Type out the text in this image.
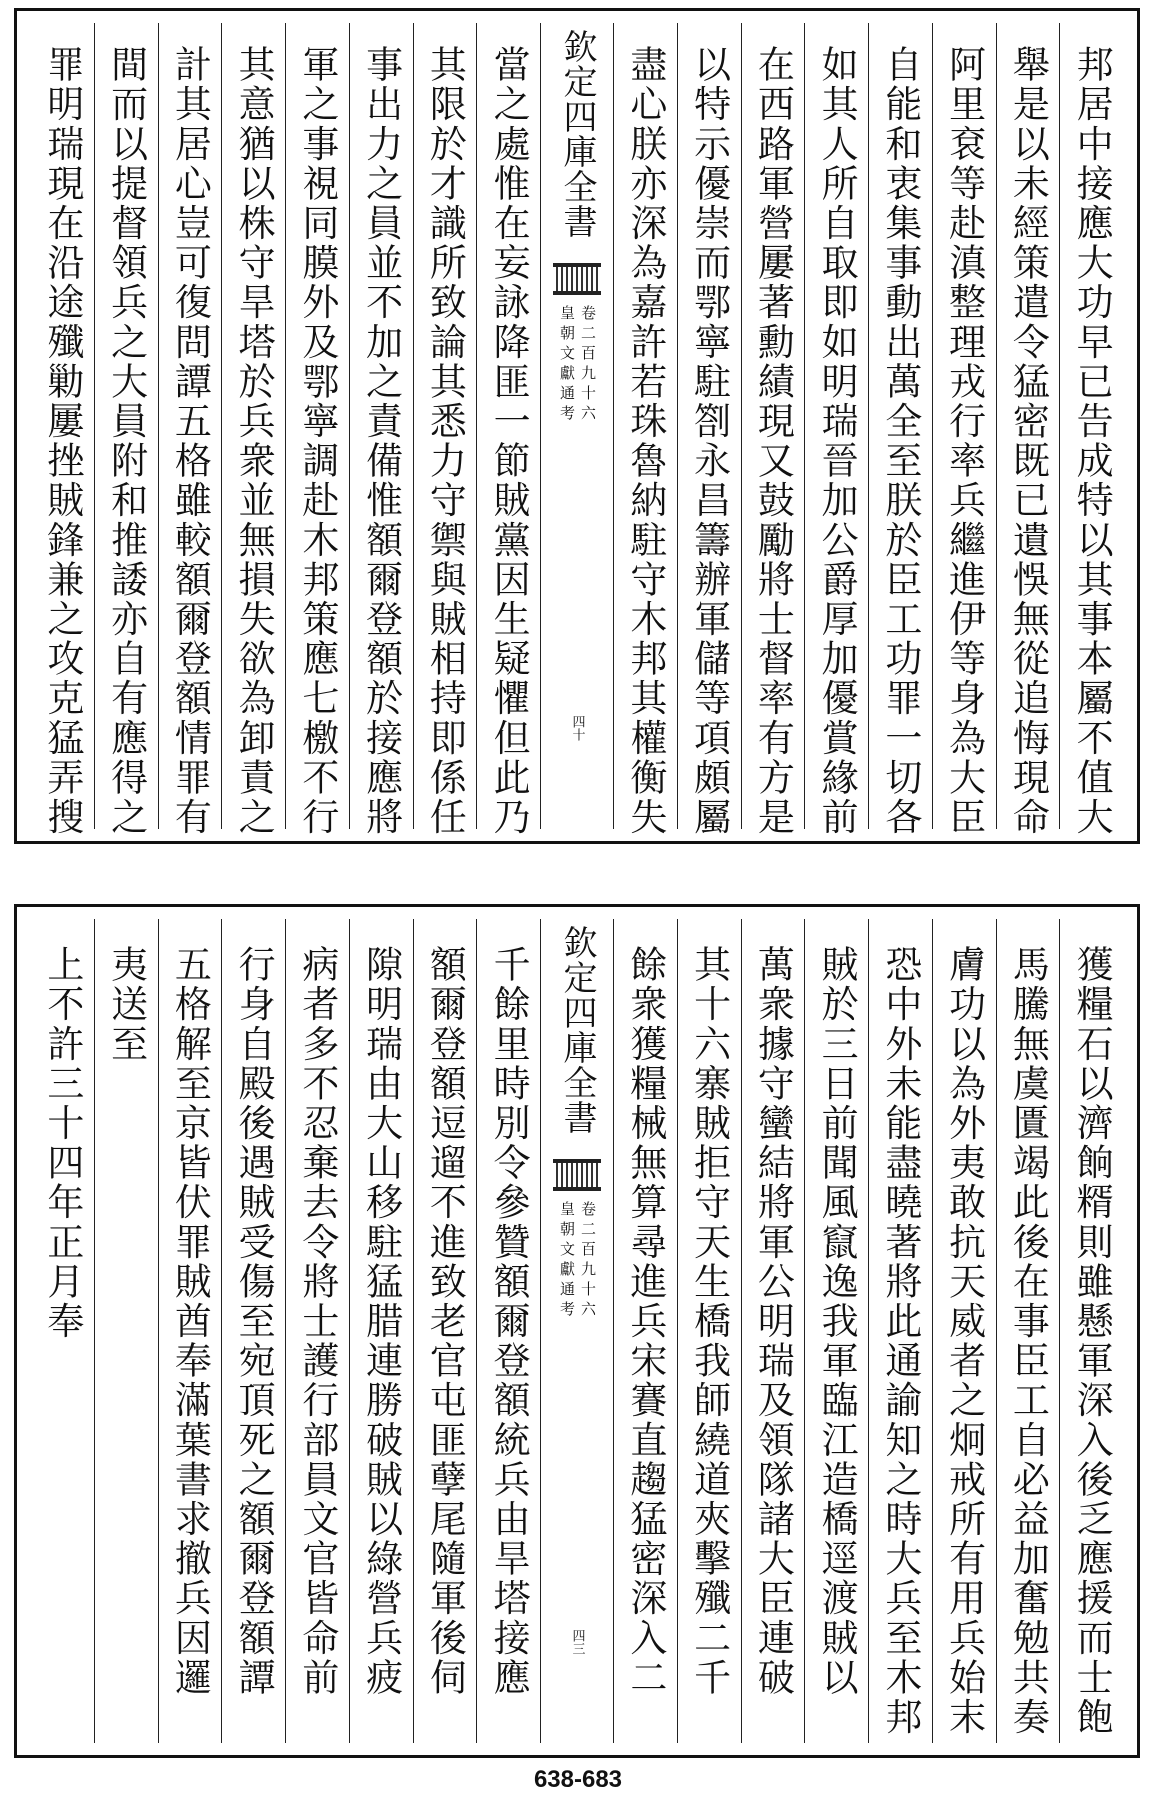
邦居中接應大功早已告成特以其事本屬不值大
舉是以未經策遣令猛密既已遺悞無從追悔現命
阿里袞等赴滇整理戎行率兵繼進伊等身為大臣
自能和衷集事動出萬全至朕於臣工功罪一切各
如其人所自取即如明瑞晉加公爵厚加優賞緣前
在西路軍營屢著勳績現又鼓勵將士督率有方是
以特示優崇而鄂寧駐劄永昌籌辦軍儲等項頗屬
盡心朕亦深為嘉許若珠魯納駐守木邦其權衡失
欽定四庫全書
皇朝文獻通考 卷二百九十六
四十
當之處惟在妄詠降匪一節賊黨因生疑懼但此乃
其限於才識所致論其悉力守禦與賊相持即係任
事出力之員並不加之責備惟額爾登額於接應將
軍之事視同膜外及鄂寧調赴木邦策應七檄不行
其意猶以株守旱塔於兵衆並無損失欲為卸責之
計其居心豈可復問譚五格雖較額爾登額情罪有
間而以提督領兵之大員附和推諉亦自有應得之
罪明瑞現在沿途殲勦屢挫賊鋒兼之攻克猛弄搜
獲糧石以濟餉糈則雖懸軍深入後乏應援而士飽
馬騰無虞匱竭此後在事臣工自必益加奮勉共奏
膚功以為外夷敢抗天威者之炯戒所有用兵始末
恐中外未能盡曉著將此通諭知之時大兵至木邦
賊於三日前聞風竄逸我軍臨江造橋逕渡賊以
萬衆據守蠻結將軍公明瑞及領隊諸大臣連破
其十六寨賊拒守天生橋我師繞道夾擊殲二千
餘衆獲糧械無算尋進兵宋賽直趨猛密深入二
欽定四庫全書
皇朝文獻通考 卷二百九十六
四三
千餘里時別令參贊額爾登額統兵由旱塔接應
額爾登額逗遛不進致老官屯匪孽尾隨軍後伺
隙明瑞由大山移駐猛腊連勝破賊以綠營兵疲
病者多不忍棄去令將士護行部員文官皆命前
行身自殿後遇賊受傷至宛頂死之額爾登額譚
五格解至京皆伏罪賊酋奉滿葉書求撤兵因邏
夷送至
上不許三十四年正月奉
638-683
